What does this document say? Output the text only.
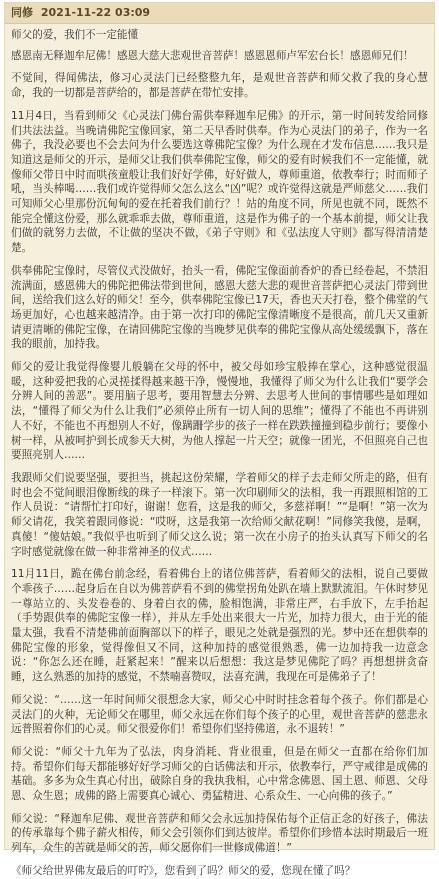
同修 2021-11-22 03:09

师父的爱，我们不一定能懂

感恩南无释迦牟尼佛！感恩大慈大悲观世音菩萨！感恩恩师卢军宏台长！感恩师兄们！

不觉间，得闻佛法，修习心灵法门已经整整九年，是观世音菩萨和师父救了我的身心慧命，我的一切都是菩萨给的，都是菩萨在带忙安排。

11月4日，当看到师父《心灵法门佛台需供奉释迦牟尼佛》的开示，第一时间转发给同修们共法法益。当晚请佛陀宝像回家，第二天早香时供奉。作为心灵法门的弟子，作为一名佛子，我没必要也不会去问为什么要选这尊佛陀宝像？为什么现在才发布信息……我只是知道这是师父的开示，是师父让我们供奉佛陀宝像，师父的爱有时候我们不一定能懂，就像师父带日中时而哄孩童般让我们好好学佛，好好做人，尊师重道，依教奉行；时而师子吼，当头棒喝……我们或许觉得师父怎么这么“凶”呢？或许觉得这就是严师慈父……我们可知师父心里那份沉甸甸的爱在托着我们前行？！站的角度不同，所见也就不同，既然不能完全懂这份爱，那么就乖乖去做，尊师重道，这是作为佛子的一个基本前提，师父让我们做的就努力去做，不让做的坚决不做，《弟子守则》和《弘法度人守则》都写得清清楚楚。

供奉佛陀宝像时，尽管仪式没做好，抬头一看，佛陀宝像面前香炉的香已经卷起，不禁泪流满面，感恩佛大的佛陀把佛法带到世间，感恩大慈大悲的观世音菩萨把心灵法门带到世间，送给我们这么好的师父！至今，供奉佛陀宝像已17天，香也天天打卷，整个佛堂的气场更加好，心也越来越清净。由于第一次打印的佛陀宝像清晰度不是很高，前几天又重新请更清晰的佛陀宝像，在请回佛陀宝像的当晚梦见供奉的佛陀宝像从高处缓缓飘下，落在我的眼前，加持我。

师父的爱让我觉得像婴儿般躺在父母的怀中，被父母如珍宝般捧在掌心，这种感觉很温暖，这种爱把我的心灵搓揉得越来越干净，慢慢地，我懂得了师父为什么让我们“要学会分辨人间的善恶”。要用脑子思考，要用智慧去分辨、去思考人世间的事情哪些是如理如法，“懂得了师父为什么让我们”必须停止所有一切人间的思维”；懂得了不能也不再讲别人不好，不能也不再想别人不好，像蹒跚学步的孩子一样在跌跌撞撞到稳步前行；要像小树一样，从被呵护到长成参天大树，为他人撑起一片天空；就像一团光，不但照亮自己也要照亮别人……

我跟师父们说要坚强，要担当，挑起这份荣耀，学着师父的样子去走师父所走的路，但有时也会不觉间眼泪像断线的珠子一样滚下。第一次印刷师父的法相，我一再跟照相馆的工作人员说：“请帮忙打印好，谢谢！您看，这是我的师父，多慈祥啊！”“是啊！”第一次为师父请花，我笑着跟同修说：“哎呀，这是我第一次给师父献花啊！”同修笑我傻，是啊，真傻！“傻姑娘。”我似乎也听到了师父这么说；第一次在小房子的抬头认真写下师父的名字时感觉就像在做一种非常神圣的仪式……

11月11日，跪在佛台前念经，看着佛台上的诸位佛菩萨，看着师父的法相，说自己要做个乖孩子……起身后在自以为佛菩萨看不到的佛堂拐角处趴在墙上默默流泪。午休时梦见一尊站立的、头发卷卷的、身着白衣的佛，脸相饱满，非常庄严，右手放下，左手抬起（手势跟供奉的佛陀宝像一样），并从左手处出来很大一片光，加持力很大，由于光的能量太强，我看不清楚佛前面胸部以下的样子，眼见之处就是强烈的光。梦中还在想供奉的佛陀宝像的形象，觉得像但又不同，这种加持的感觉很熟悉，佛一边加持我一边意念说：“你怎么还在睡，赶紧起来！”醒来以后想想：我这是梦见佛陀了吗？再想想拼贪奋睡，这么熟悉的加持的感觉，不禁喃喜赞叹，法喜充满，我现在可是佛弟子了！

师父说：“……这一年时间师父很想念大家，师父心中时时挂念着每个孩子。你们都是心灵法门的火种，无论师父在哪里，师父永远在你们每个孩子的心里，观世音菩萨的慈悲永远普照着你们的心灵。师父很爱你们！希望你们坚持佛道，永不退转！”

师父说：“师父十九年为了弘法，肉身消耗、背业很重，但是在师父一直都在给你们加持。希望你们每天都能够好好学习师父的白话佛法和开示，依教奉行，严守戒律是成佛的基础。多多为众生真心付出，破除自身的我执我相，心中常念佛恩、国土恩、师恩、父母恩、众生恩；成佛的路上需要真心诚心、勇猛精进、心系众生、一心向佛的孩子。”

师父说：“释迦牟尼佛、观世音菩萨和师父会永远加持保佑每个正信正念的好孩子，佛法的传承靠每个佛子薪火相传，师父会引领你们到达彼岸。希望你们珍惜本法时期最后一班列车，众生的苦就是师父的苦，师父愿你们一世修成佛道！”

《师父给世界佛友最后的叮咛》，您看到了吗？师父的爱，您现在懂了吗？
